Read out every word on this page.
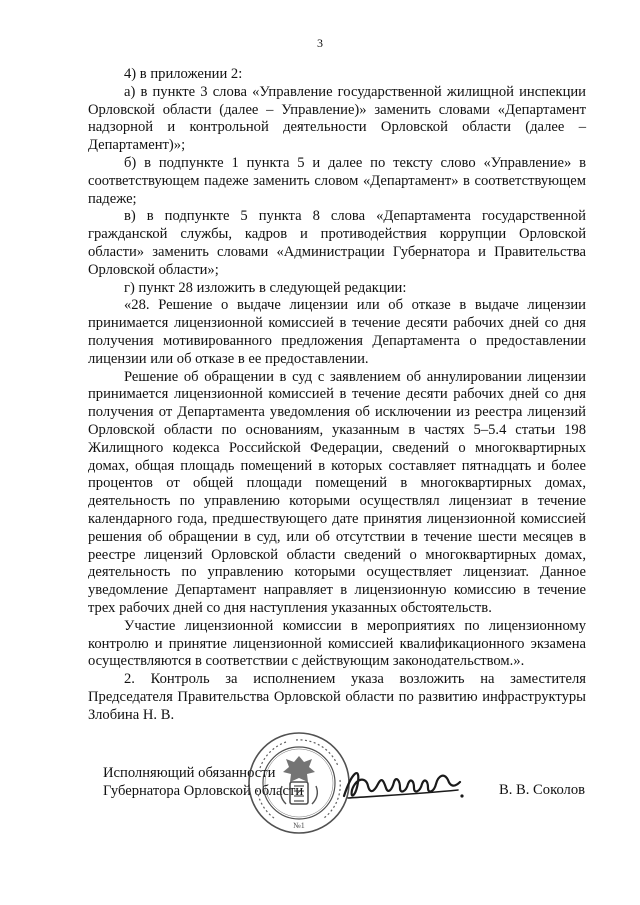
3

4) в приложении 2:

а) в пункте 3 слова «Управление государственной жилищной инспекции Орловской области (далее – Управление)» заменить словами «Департамент надзорной и контрольной деятельности Орловской области (далее – Департамент)»;

б) в подпункте 1 пункта 5 и далее по тексту слово «Управление» в соответствующем падеже заменить словом «Департамент» в соответствующем падеже;

в) в подпункте 5 пункта 8 слова «Департамента государственной гражданской службы, кадров и противодействия коррупции Орловской области» заменить словами «Администрации Губернатора и Правительства Орловской области»;

г) пункт 28 изложить в следующей редакции:

«28. Решение о выдаче лицензии или об отказе в выдаче лицензии принимается лицензионной комиссией в течение десяти рабочих дней со дня получения мотивированного предложения Департамента о предоставлении лицензии или об отказе в ее предоставлении.

Решение об обращении в суд с заявлением об аннулировании лицензии принимается лицензионной комиссией в течение десяти рабочих дней со дня получения от Департамента уведомления об исключении из реестра лицензий Орловской области по основаниям, указанным в частях 5–5.4 статьи 198 Жилищного кодекса Российской Федерации, сведений о многоквартирных домах, общая площадь помещений в которых составляет пятнадцать и более процентов от общей площади помещений в многоквартирных домах, деятельность по управлению которыми осуществлял лицензиат в течение календарного года, предшествующего дате принятия лицензионной комиссией решения об обращении в суд, или об отсутствии в течение шести месяцев в реестре лицензий Орловской области сведений о многоквартирных домах, деятельность по управлению которыми осуществляет лицензиат. Данное уведомление Департамент направляет в лицензионную комиссию в течение трех рабочих дней со дня наступления указанных обстоятельств.

Участие лицензионной комиссии в мероприятиях по лицензионному контролю и принятие лицензионной комиссией квалификационного экзамена осуществляются в соответствии с действующим законодательством.».

2. Контроль за исполнением указа возложить на заместителя Председателя Правительства Орловской области по развитию инфраструктуры Злобина Н. В.

Исполняющий обязанности
Губернатора Орловской области
№1
В. В. Соколов
